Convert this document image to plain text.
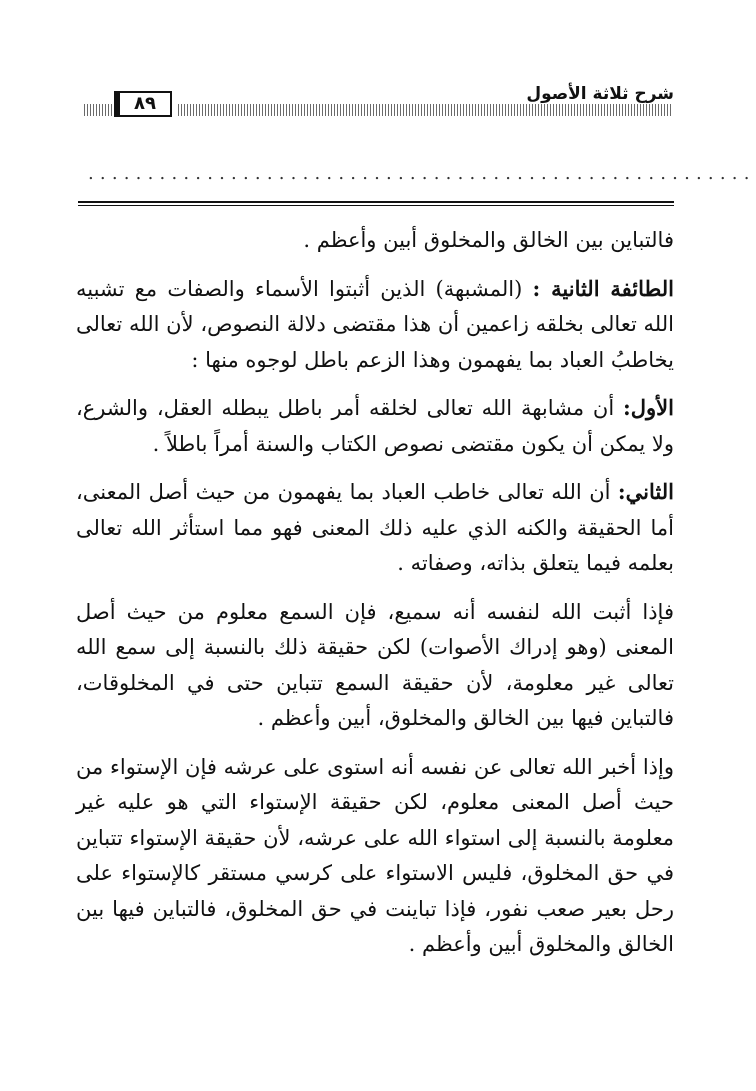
٨٩	شرح ثلاثة الأصول
........................................................

فالتباين بين الخالق والمخلوق أبين وأعظم .

الطائفة الثانية : (المشبهة) الذين أثبتوا الأسماء والصفات مع تشبيه الله تعالى بخلقه زاعمين أن هذا مقتضى دلالة النصوص، لأن الله تعالى يخاطبُ العباد بما يفهمون وهذا الزعم باطل لوجوه منها :

الأول: أن مشابهة الله تعالى لخلقه أمر باطل يبطله العقل، والشرع، ولا يمكن أن يكون مقتضى نصوص الكتاب والسنة أمراً باطلاً .

الثاني: أن الله تعالى خاطب العباد بما يفهمون من حيث أصل المعنى، أما الحقيقة والكنه الذي عليه ذلك المعنى فهو مما استأثر الله تعالى بعلمه فيما يتعلق بذاته، وصفاته .

فإذا أثبت الله لنفسه أنه سميع، فإن السمع معلوم من حيث أصل المعنى (وهو إدراك الأصوات) لكن حقيقة ذلك بالنسبة إلى سمع الله تعالى غير معلومة، لأن حقيقة السمع تتباين حتى في المخلوقات، فالتباين فيها بين الخالق والمخلوق، أبين وأعظم .

وإذا أخبر الله تعالى عن نفسه أنه استوى على عرشه فإن الإستواء من حيث أصل المعنى معلوم، لكن حقيقة الإستواء التي هو عليه غير معلومة بالنسبة إلى استواء الله على عرشه، لأن حقيقة الإستواء تتباين في حق المخلوق، فليس الاستواء على كرسي مستقر كالإستواء على رحل بعير صعب نفور، فإذا تباينت في حق المخلوق، فالتباين فيها بين الخالق والمخلوق أبين وأعظم .
